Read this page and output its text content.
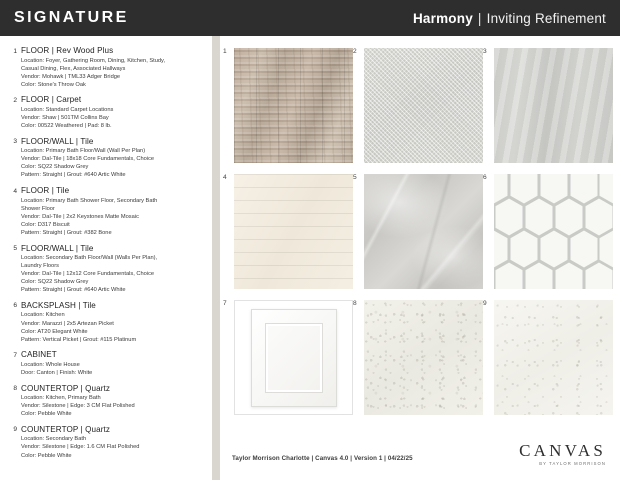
SIGNATURE	Harmony | Inviting Refinement
1 FLOOR | Rev Wood Plus
Location: Foyer, Gathering Room, Dining, Kitchen, Study,
Casual Dining, Flex, Associated Hallways
Vendor: Mohawk | TML33 Adger Bridge
Color: Stone's Throw Oak
2 FLOOR | Carpet
Location: Standard Carpet Locations
Vendor: Shaw | 501TM Collins Bay
Color: 00522 Weathered | Pad: 8 lb.
3 FLOOR/WALL | Tile
Location: Primary Bath Floor/Wall (Wall Per Plan)
Vendor: Dal-Tile | 18x18 Core Fundamentals, Choice
Color: SQ22 Shadow Grey
Pattern: Straight | Grout: #640 Artic White
4 FLOOR | Tile
Location: Primary Bath Shower Floor, Secondary Bath
Shower Floor
Vendor: Dal-Tile | 2x2 Keystones Matte Mosaic
Color: D317 Biscuit
Pattern: Straight | Grout: #382 Bone
5 FLOOR/WALL | Tile
Location: Secondary Bath Floor/Wall (Walls Per Plan),
Laundry Floors
Vendor: Dal-Tile | 12x12 Core Fundamentals, Choice
Color: SQ22 Shadow Grey
Pattern: Straight | Grout: #640 Artic White
6 BACKSPLASH | Tile
Location: Kitchen
Vendor: Marazzi | 2x5 Artezan Picket
Color: AT20 Elegant White
Pattern: Vertical Picket | Grout: #115 Platinum
7 CABINET
Location: Whole House
Door: Canton | Finish: White
8 COUNTERTOP | Quartz
Location: Kitchen, Primary Bath
Vendor: Silestone | Edge: 3 CM Flat Polished
Color: Pebble White
9 COUNTERTOP | Quartz
Location: Secondary Bath
Vendor: Silestone | Edge: 1.6 CM Flat Polished
Color: Pebble White
1	2	3
4	5	6
7	8	9
Taylor Morrison Charlotte | Canvas 4.0 | Version 1 | 04/22/25	CANVAS
BY TAYLOR MORRISON
